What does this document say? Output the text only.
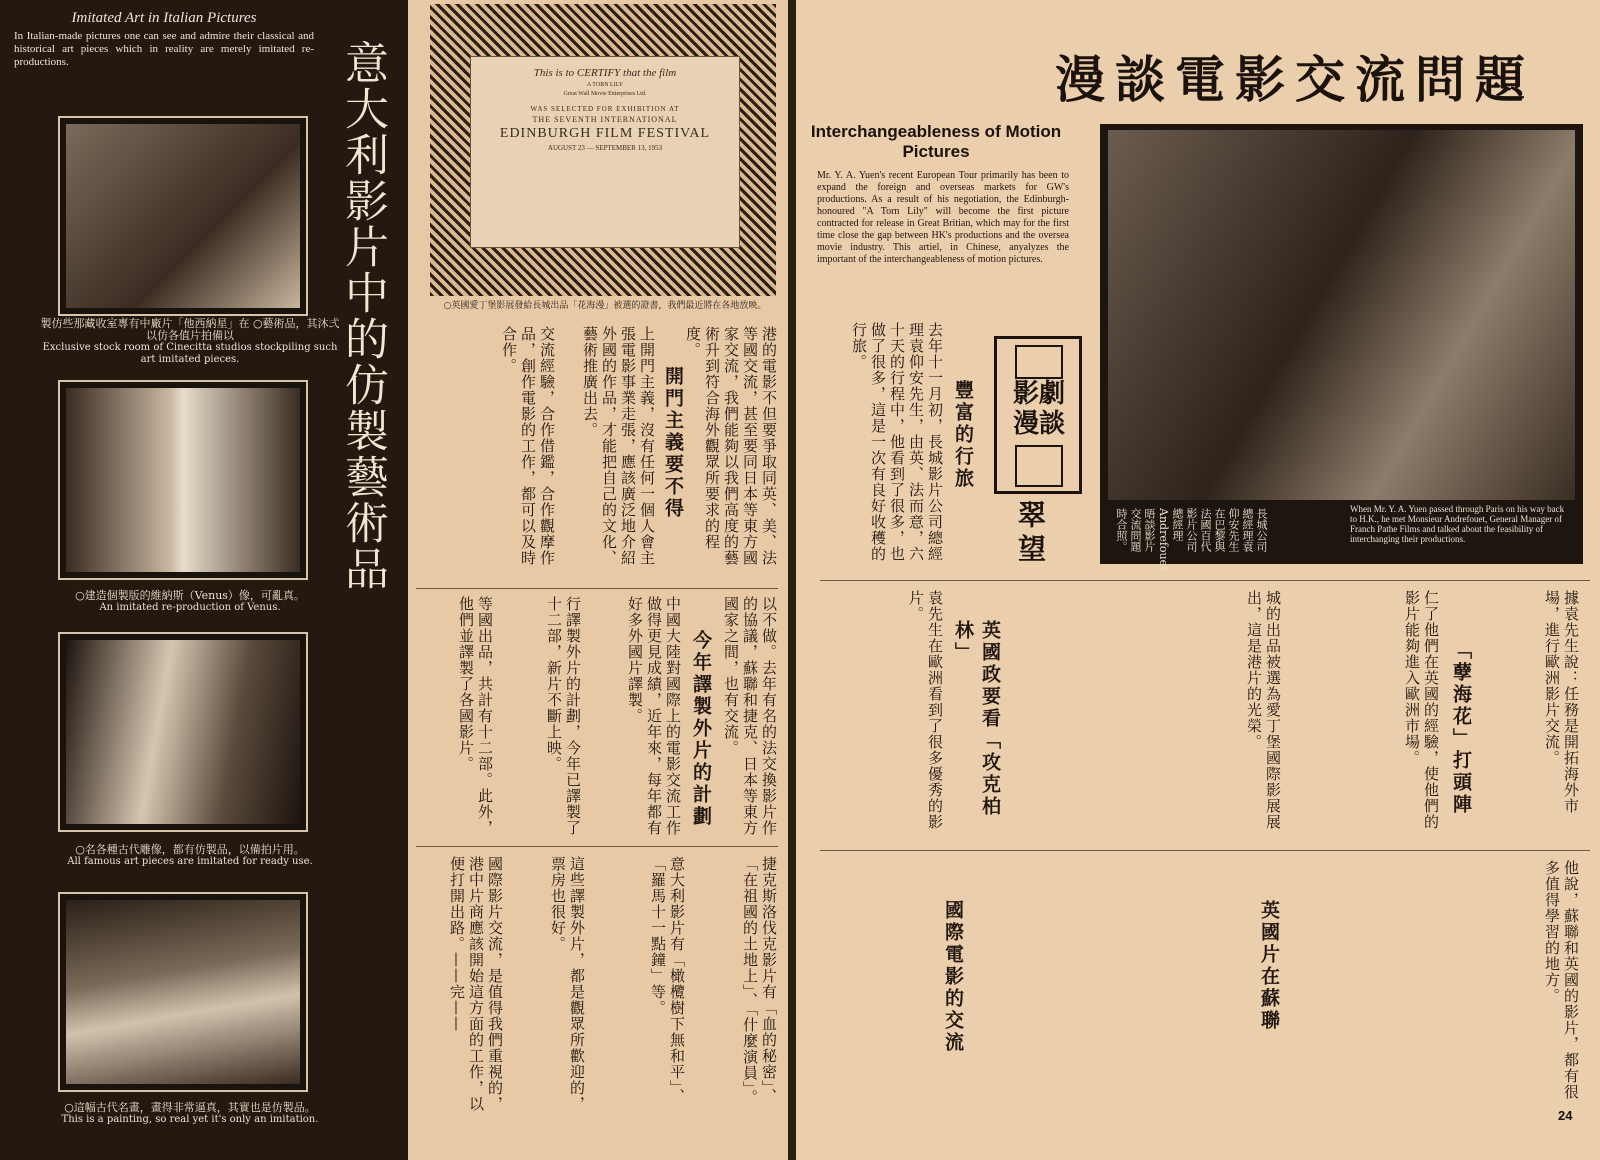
Imitated Art in Italian Pictures
In Italian-made pictures one can see and admire their classical and historical art pieces which in reality are merely imitated re-productions.	意大利影片中的仿製藝術品
製仿些那藏收室專有中廠片「他西納星」在 ○藝術品，其沐弍以仿各值片拍備以
Exclusive stock room of Cinecitta studios stockpiling such art imitated pieces.
○建造個製版的維納斯（Venus）像，可亂真。
An imitated re-production of Venus.
○名各種古代雕像，都有仿製品，以備拍片用。
All famous art pieces are imitated for ready use.
○這幅古代名畫，畫得非常逼真，其實也是仿製品。
This is a painting, so real yet it's only an imitation.
This is to CERTIFY that the film
A TORN LILY
Great Wall Movie Enterprises Ltd.
WAS SELECTED FOR EXHIBITION AT
THE SEVENTH INTERNATIONAL
EDINBURGH FILM FESTIVAL
AUGUST 23 — SEPTEMBER 13, 1953
○英國愛丁堡影展發給長城出品「花海漫」被選的證書，我們最近將在各地放映。
港的電影不但要爭取同英、美、法等國交流，甚至要同日本等東方國家交流，我們能夠以我們高度的藝術升到符合海外觀眾所要求的程度。
開門主義要不得
上開門主義，沒有任何一個人會主張電影事業走張，應該廣泛地介紹外國的作品，才能把自己的文化、藝術推廣出去。
交流經驗，合作借鑑，合作觀摩作品，創作電影的工作，都可以及時合作。
以不做。去年有名的法交換影片作的協議，蘇聯和捷克、日本等東方國家之間，也有交流。
今年譯製外片的計劃
中國大陸對國際上的電影交流工作做得更見成績，近年來，每年都有好多外國片譯製。
行譯製外片的計劃，今年已譯製了十二部，新片不斷上映。
等國出品，共計有十二部。此外，他們並譯製了各國影片。
捷克斯洛伐克影片有「血的秘密」、「在祖國的土地上」、「什麼演員」。
意大利影片有「橄欖樹下無和平」、「羅馬十一點鐘」等。
這些譯製外片，都是觀眾所歡迎的，票房也很好。
國際影片交流，是值得我們重視的，港中片商應該開始這方面的工作，以便打開出路。——完——
漫談電影交流問題
Interchangeableness of Motion Pictures
Mr. Y. A. Yuen's recent European Tour primarily has been to expand the foreign and overseas markets for GW's productions. As a result of his negotiation, the Edinburgh-honoured "A Torn Lily" will become the first picture contracted for release in Great Britian, which may for the first time close the gap between HK's productions and the oversea movie industry. This artiel, in Chinese, anyalyzes the important of the interchangeableness of motion pictures.
長城公司總經理袁仰安先生在巴黎與法國百代影片公司總經理Andrefouet晤談影片交流問題時合照。	When Mr. Y. A. Yuen passed through Paris on his way back to H.K., he met Monsieur Andrefouet, General Manager of Franch Pathe Films and talked about the feasibility of interchanging their productions.
影劇漫談
翠望
豐富的行旅
去年十一月初，長城影片公司總經理袁仰安先生，由英、法而意，六十天的行程中，他看到了很多，也做了很多，這是一次有良好收穫的行旅。
據袁先生說：任務是開拓海外市場，進行歐洲影片交流。
「孽海花」打頭陣
仁了他們在英國的經驗，使他們的影片能夠進入歐洲市場。
英國政要看「攻克柏林」	城的出品被選為愛丁堡國際影展展出，這是港片的光榮。
袁先生在歐洲看到了很多優秀的影片。
他說，蘇聯和英國的影片，都有很多值得學習的地方。
英國片在蘇聯
國際電影的交流
24
